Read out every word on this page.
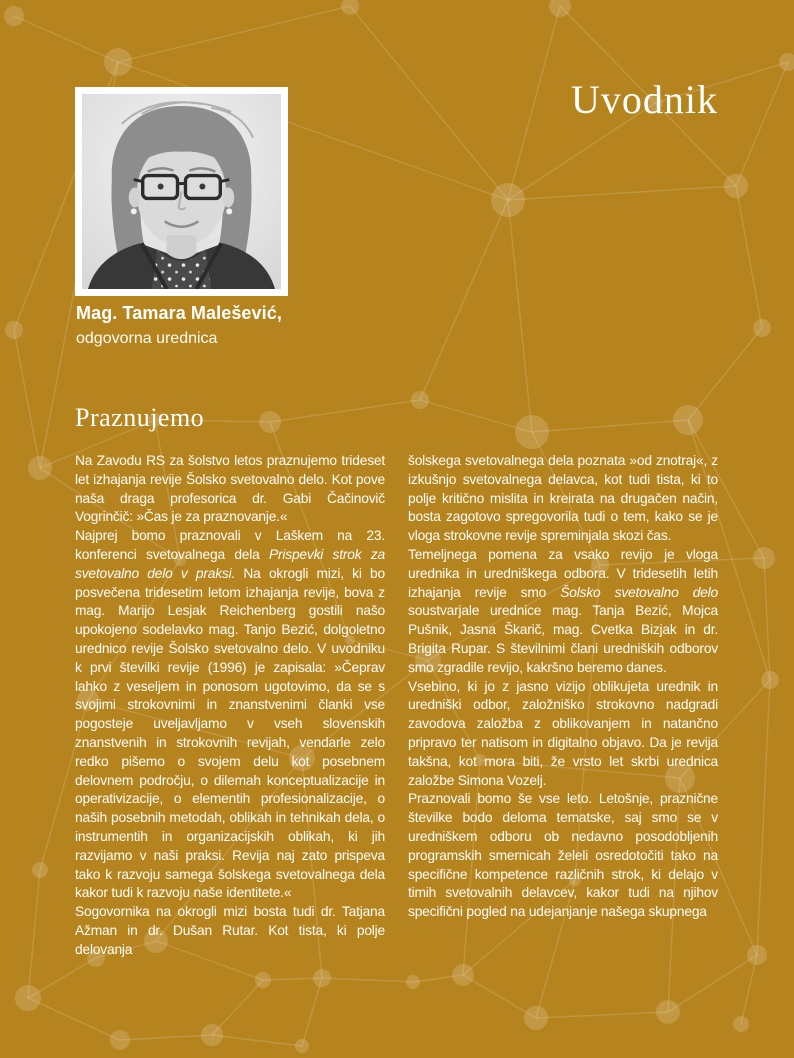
Uvodnik
Mag. Tamara Malešević,
odgovorna urednica
Praznujemo

Na Zavodu RS za šolstvo letos praznujemo trideset let izhajanja revije Šolsko svetovalno delo. Kot pove naša draga profesorica dr. Gabi Čačinovič Vogrinčič: »Čas je za praznovanje.«

Najprej bomo praznovali v Laškem na 23. konferenci svetovalnega dela Prispevki strok za svetovalno delo v praksi. Na okrogli mizi, ki bo posvečena tridesetim letom izhajanja revije, bova z mag. Marijo Lesjak Reichenberg gostili našo upokojeno sodelavko mag. Tanjo Bezić, dolgoletno urednico revije Šolsko svetovalno delo. V uvodniku k prvi številki revije (1996) je zapisala: »Čeprav lahko z veseljem in ponosom ugotovimo, da se s svojimi strokovnimi in znanstvenimi članki vse pogosteje uveljavljamo v vseh slovenskih znanstvenih in strokovnih revijah, vendarle zelo redko pišemo o svojem delu kot posebnem delovnem področju, o dilemah konceptualizacije in operativizacije, o elementih profesionalizacije, o naših posebnih metodah, oblikah in tehnikah dela, o instrumentih in organizacijskih oblikah, ki jih razvijamo v naši praksi. Revija naj zato prispeva tako k razvoju samega šolskega svetovalnega dela kakor tudi k razvoju naše identitete.«

Sogovornika na okrogli mizi bosta tudi dr. Tatjana Ažman in dr. Dušan Rutar. Kot tista, ki polje delovanja

šolskega svetovalnega dela poznata »od znotraj«, z izkušnjo svetovalnega delavca, kot tudi tista, ki to polje kritično mislita in kreirata na drugačen način, bosta zagotovo spregovorila tudi o tem, kako se je vloga strokovne revije spreminjala skozi čas.

Temeljnega pomena za vsako revijo je vloga urednika in uredniškega odbora. V tridesetih letih izhajanja revije smo Šolsko svetovalno delo soustvarjale urednice mag. Tanja Bezić, Mojca Pušnik, Jasna Škarič, mag. Cvetka Bizjak in dr. Brigita Rupar. S številnimi člani uredniških odborov smo zgradile revijo, kakršno beremo danes.

Vsebino, ki jo z jasno vizijo oblikujeta urednik in uredniški odbor, založniško strokovno nadgradi zavodova založba z oblikovanjem in natančno pripravo ter natisom in digitalno objavo. Da je revija takšna, kot mora biti, že vrsto let skrbi urednica založbe Simona Vozelj.

Praznovali bomo še vse leto. Letošnje, praznične številke bodo deloma tematske, saj smo se v uredniškem odboru ob nedavno posodobljenih programskih smernicah želeli osredotočiti tako na specifične kompetence različnih strok, ki delajo v timih svetovalnih delavcev, kakor tudi na njihov specifični pogled na udejanjanje našega skupnega
